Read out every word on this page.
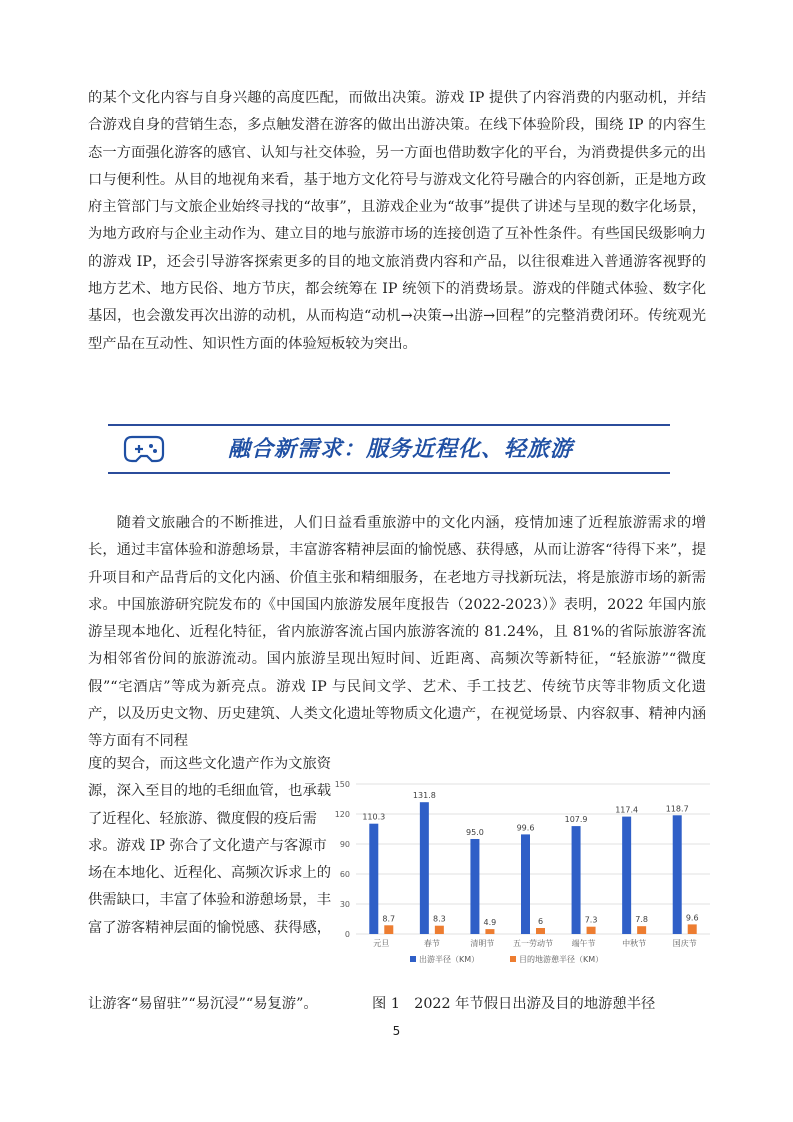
的某个文化内容与自身兴趣的高度匹配，而做出决策。游戏 IP 提供了内容消费的内驱动机，并结合游戏自身的营销生态，多点触发潜在游客的做出出游决策。在线下体验阶段，围绕 IP 的内容生态一方面强化游客的感官、认知与社交体验，另一方面也借助数字化的平台，为消费提供多元的出口与便利性。从目的地视角来看，基于地方文化符号与游戏文化符号融合的内容创新，正是地方政府主管部门与文旅企业始终寻找的“故事”，且游戏企业为“故事”提供了讲述与呈现的数字化场景，为地方政府与企业主动作为、建立目的地与旅游市场的连接创造了互补性条件。有些国民级影响力的游戏 IP，还会引导游客探索更多的目的地文旅消费内容和产品，以往很难进入普通游客视野的地方艺术、地方民俗、地方节庆，都会统筹在 IP 统领下的消费场景。游戏的伴随式体验、数字化基因，也会激发再次出游的动机，从而构造“动机→决策→出游→回程”的完整消费闭环。传统观光型产品在互动性、知识性方面的体验短板较为突出。

融合新需求：服务近程化、轻旅游

随着文旅融合的不断推进，人们日益看重旅游中的文化内涵，疫情加速了近程旅游需求的增长，通过丰富体验和游憩场景，丰富游客精神层面的愉悦感、获得感，从而让游客“待得下来”，提升项目和产品背后的文化内涵、价值主张和精细服务，在老地方寻找新玩法，将是旅游市场的新需求。中国旅游研究院发布的《中国国内旅游发展年度报告（2022-2023）》表明，2022 年国内旅游呈现本地化、近程化特征，省内旅游客流占国内旅游客流的 81.24%，且 81%的省际旅游客流为相邻省份间的旅游流动。国内旅游呈现出短时间、近距离、高频次等新特征，“轻旅游”“微度假”“宅酒店”等成为新亮点。游戏 IP 与民间文学、艺术、手工技艺、传统节庆等非物质文化遗产，以及历史文物、历史建筑、人类文化遗址等物质文化遗产，在视觉场景、内容叙事、精神内涵等方面有不同程

度的契合，而这些文化遗产作为文旅资源，深入至目的地的毛细血管，也承载了近程化、轻旅游、微度假的疫后需求。游戏 IP 弥合了文化遗产与客源市场在本地化、近程化、高频次诉求上的供需缺口，丰富了体验和游憩场景，丰富了游客精神层面的愉悦感、获得感，	0
30
60
90
120
150
元旦	春节	清明节 五一劳动节 端午节	中秋节	国庆节
110.3
131.8
95.0
99.6
107.9
117.4	118.7
8.7	8.3	4.9	6	7.3	7.8	9.6
出游半径（KM）	目的地游憩半径（KM）

让游客“易留驻”“易沉浸”“易复游”。	图 1　2022 年节假日出游及目的地游憩半径
5
